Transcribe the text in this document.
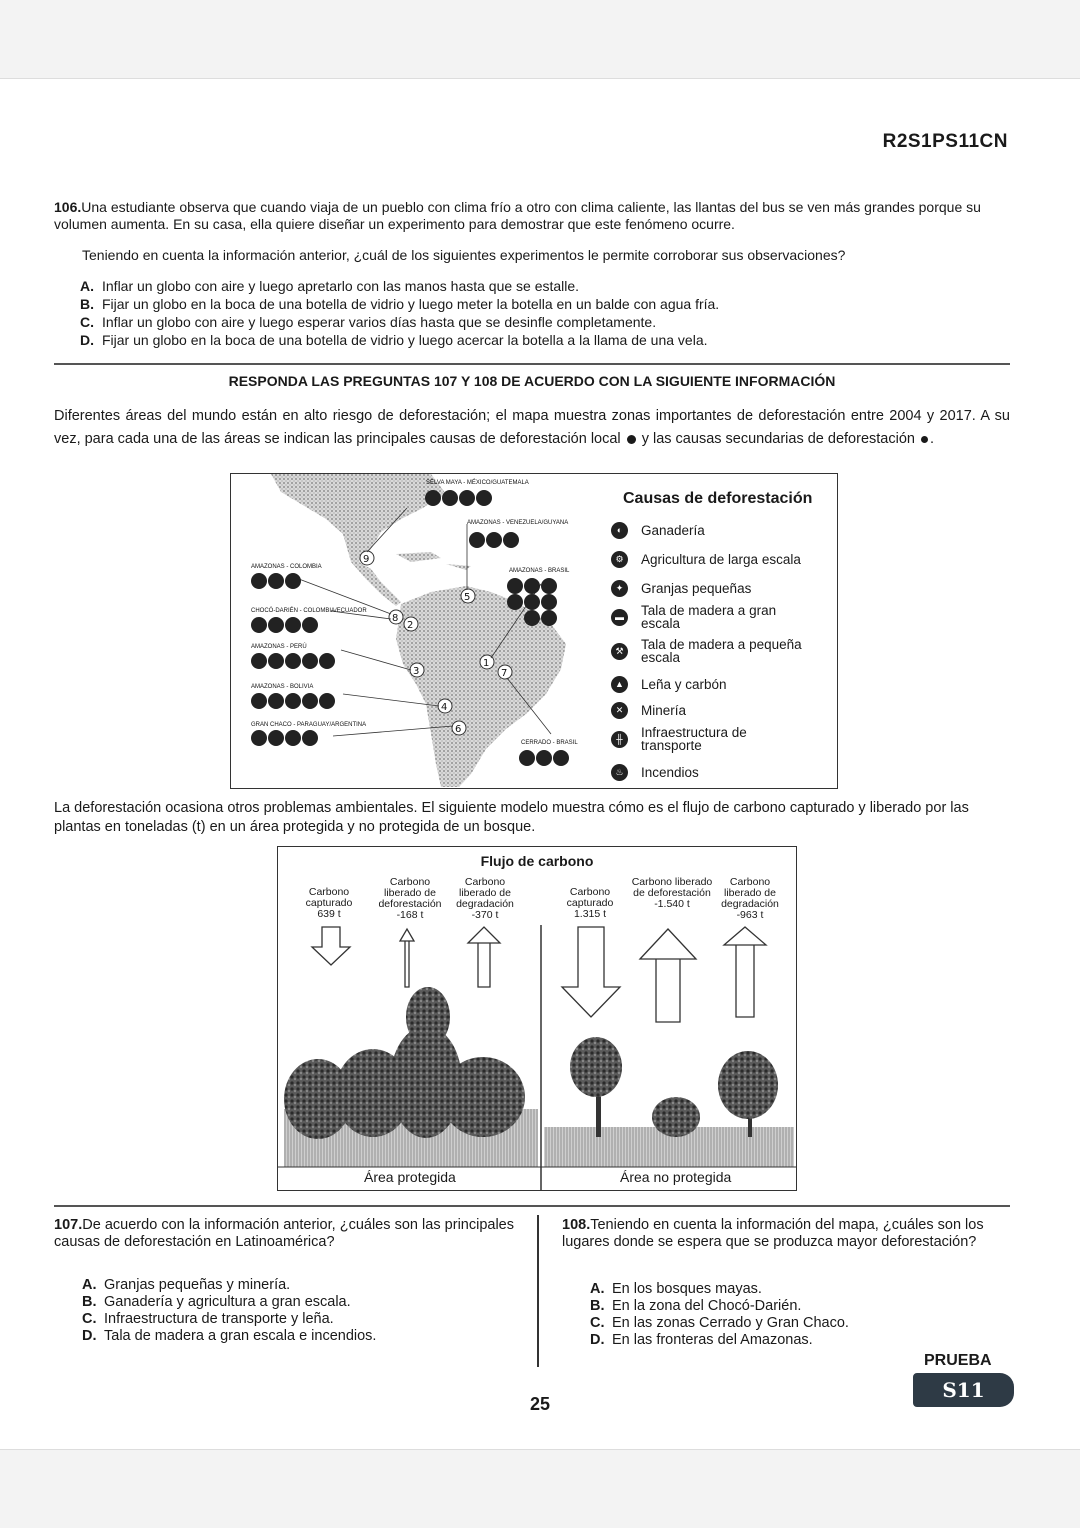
R2S1PS11CN
106.Una estudiante observa que cuando viaja de un pueblo con clima frío a otro con clima caliente, las llantas del bus se ven más grandes porque su volumen aumenta. En su casa, ella quiere diseñar un experimento para demostrar que este fenómeno ocurre.
Teniendo en cuenta la información anterior, ¿cuál de los siguientes experimentos le permite corroborar sus observaciones?
A. Inflar un globo con aire y luego apretarlo con las manos hasta que se estalle.
B. Fijar un globo en la boca de una botella de vidrio y luego meter la botella en un balde con agua fría.
C. Inflar un globo con aire y luego esperar varios días hasta que se desinfle completamente.
D. Fijar un globo en la boca de una botella de vidrio y luego acercar la botella a la llama de una vela.
RESPONDA LAS PREGUNTAS 107 Y 108 DE ACUERDO CON LA SIGUIENTE INFORMACIÓN
Diferentes áreas del mundo están en alto riesgo de deforestación; el mapa muestra zonas importantes de deforestación entre 2004 y 2017. A su vez, para cada una de las áreas se indican las principales causas de deforestación local y las causas secundarias de deforestación .
9
8
2
5
1
3	7
4
6
SELVA MAYA - MÉXICO/GUATEMALA
AMAZONAS - VENEZUELA/GUYANA
AMAZONAS - COLOMBIA
AMAZONAS - BRASIL
CHOCÓ-DARIÉN - COLOMBIA/ECUADOR
AMAZONAS - PERÚ
AMAZONAS - BOLIVIA
GRAN CHACO - PARAGUAY/ARGENTINA
CERRADO - BRASIL
Causas de deforestación
◐	Ganadería
⚙	Agricultura de larga escala
✦	Granjas pequeñas
▬ Tala de madera a gran escala
⚒	Tala de madera a pequeña escala
▲ Leña y carbón
✕	Minería
╫	Infraestructura de transporte
♨	Incendios
La deforestación ocasiona otros problemas ambientales. El siguiente modelo muestra cómo es el flujo de carbono capturado y liberado por las plantas en toneladas (t) en un área protegida y no protegida de un bosque.
Flujo de carbono
Carbono capturado
639 t
Carbono liberado de deforestación
-168 t
Carbono liberado de degradación
-370 t
Carbono capturado
1.315 t
Carbono liberado de deforestación
-1.540 t
Carbono liberado de degradación
-963 t
Área protegida	Área no protegida
107.De acuerdo con la información anterior, ¿cuáles son las principales causas de deforestación en Latinoamérica?
A. Granjas pequeñas y minería.
B. Ganadería y agricultura a gran escala.
C. Infraestructura de transporte y leña.
D. Tala de madera a gran escala e incendios.
108.Teniendo en cuenta la información del mapa, ¿cuáles son los lugares donde se espera que se produzca mayor deforestación?
A. En los bosques mayas.
B. En la zona del Chocó-Darién.
C. En las zonas Cerrado y Gran Chaco.
D. En las fronteras del Amazonas.
25
PRUEBA
S11
